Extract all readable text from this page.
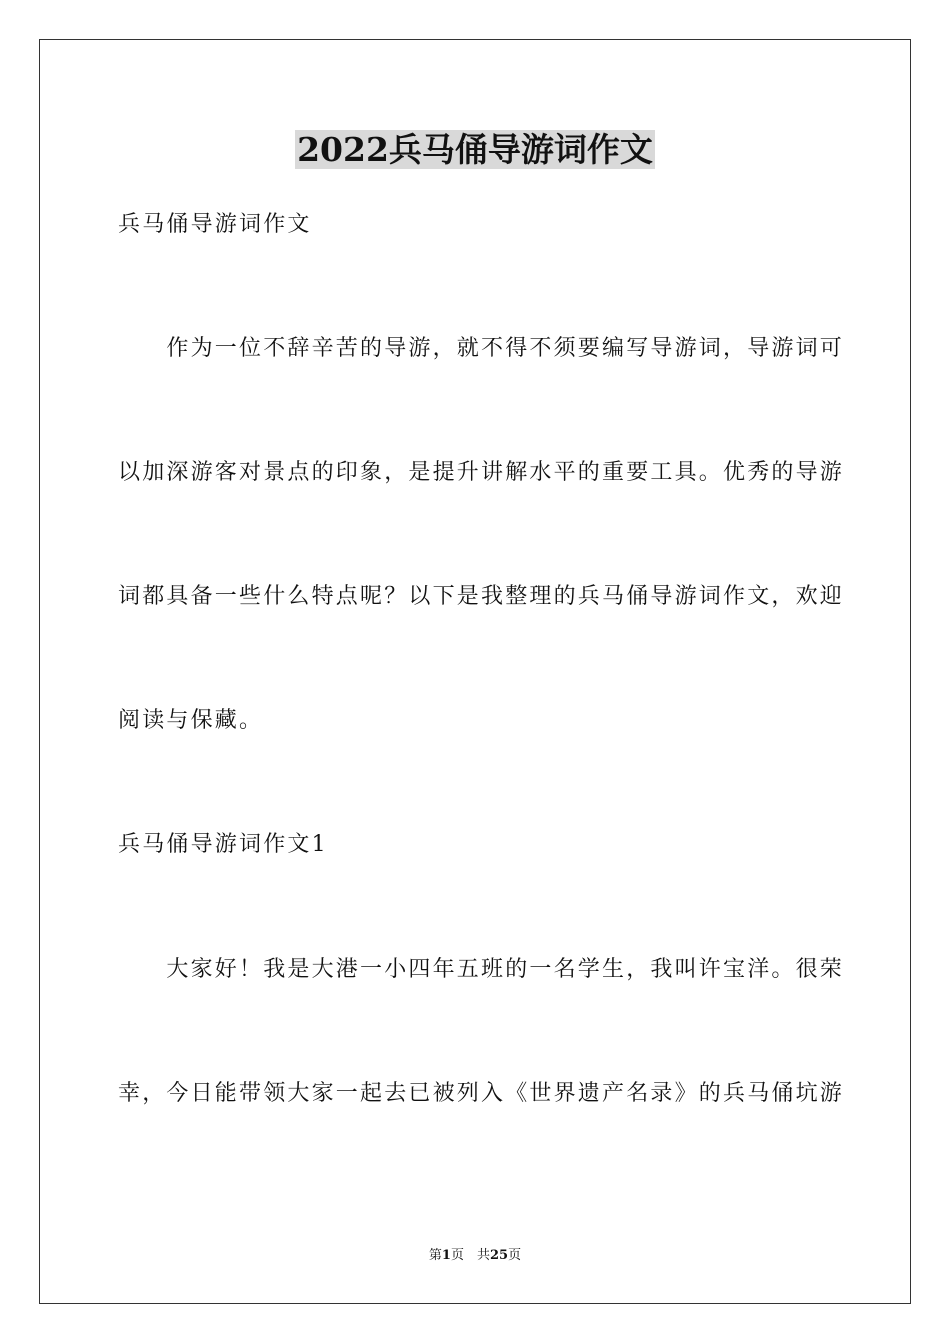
2022兵马俑导游词作文
兵马俑导游词作文
　　作为一位不辞辛苦的导游，就不得不须要编写导游词，导游词可
以加深游客对景点的印象，是提升讲解水平的重要工具。优秀的导游
词都具备一些什么特点呢？以下是我整理的兵马俑导游词作文，欢迎
阅读与保藏。
兵马俑导游词作文1
　　大家好！我是大港一小四年五班的一名学生，我叫许宝洋。很荣
幸，今日能带领大家一起去已被列入《世界遗产名录》的兵马俑坑游
第1页　共25页
